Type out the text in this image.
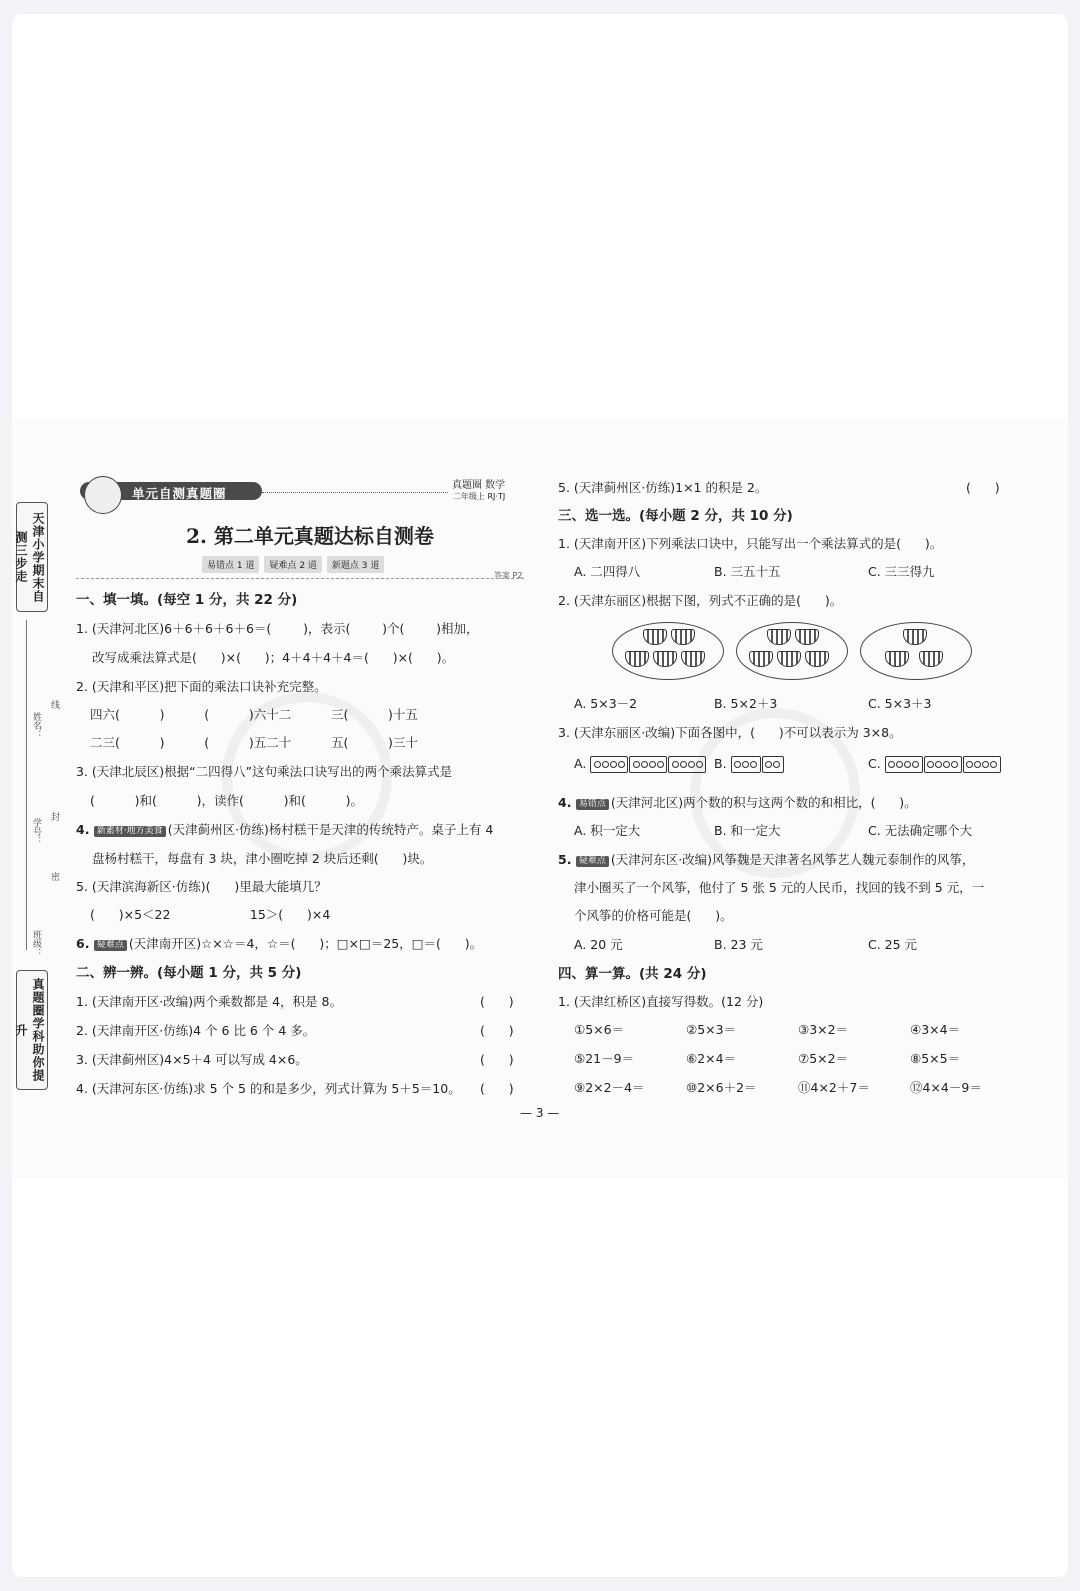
天津小学期末自测三步走
姓名：
线
封
学号：
密
班级：
真题圈学科助你提升
单元自测真题圈
真题圈 数学
二年级上 RJ·TJ
2. 第二单元真题达标自测卷
易错点 1 道 疑难点 2 道 新题点 3 道
答案 P2
一、填一填。(每空 1 分，共 22 分)
1. (天津河北区)6＋6＋6＋6＋6＝(        )，表示(        )个(        )相加，
改写成乘法算式是(      )×(      )；4＋4＋4＋4＝(      )×(      )。
2. (天津和平区)把下面的乘法口诀补充完整。
四六(          )          (          )六十二          三(          )十五
二三(          )          (          )五二十          五(          )三十
3. (天津北辰区)根据“二四得八”这句乘法口诀写出的两个乘法算式是
(          )和(          )，读作(          )和(          )。
4. 新素材·地方美食 (天津蓟州区·仿练)杨村糕干是天津的传统特产。桌子上有 4
盘杨村糕干，每盘有 3 块，津小圈吃掉 2 块后还剩(      )块。
5. (天津滨海新区·仿练)(      )里最大能填几？
(      )×5＜22                    15＞(      )×4
6. 疑难点 (天津南开区)☆×☆＝4，☆＝(      )；□×□＝25，□＝(      )。
二、辨一辨。(每小题 1 分，共 5 分)
1. (天津南开区·改编)两个乘数都是 4，积是 8。	(      )
2. (天津南开区·仿练)4 个 6 比 6 个 4 多。	(      )
3. (天津蓟州区)4×5＋4 可以写成 4×6。	(      )
4. (天津河东区·仿练)求 5 个 5 的和是多少，列式计算为 5＋5＝10。 (      )
5. (天津蓟州区·仿练)1×1 的积是 2。	(      )
三、选一选。(每小题 2 分，共 10 分)
1. (天津南开区)下列乘法口诀中，只能写出一个乘法算式的是(      )。
A. 二四得八	B. 三五十五	C. 三三得九
2. (天津东丽区)根据下图，列式不正确的是(      )。
A. 5×3－2	B. 5×2＋3	C. 5×3＋3
3. (天津东丽区·改编)下面各图中，(      )不可以表示为 3×8。
A.	B.	C.
4. 易错点 (天津河北区)两个数的积与这两个数的和相比，(      )。
A. 积一定大	B. 和一定大	C. 无法确定哪个大
5. 疑难点 (天津河东区·改编)风筝魏是天津著名风筝艺人魏元泰制作的风筝，
津小圈买了一个风筝，他付了 5 张 5 元的人民币，找回的钱不到 5 元，一
个风筝的价格可能是(      )。
A. 20 元	B. 23 元	C. 25 元
四、算一算。(共 24 分)
1. (天津红桥区)直接写得数。(12 分)
①5×6＝	②5×3＝	③3×2＝	④3×4＝
⑤21－9＝	⑥2×4＝	⑦5×2＝	⑧5×5＝
⑨2×2－4＝	⑩2×6＋2＝	⑪4×2＋7＝	⑫4×4－9＝
— 3 —
